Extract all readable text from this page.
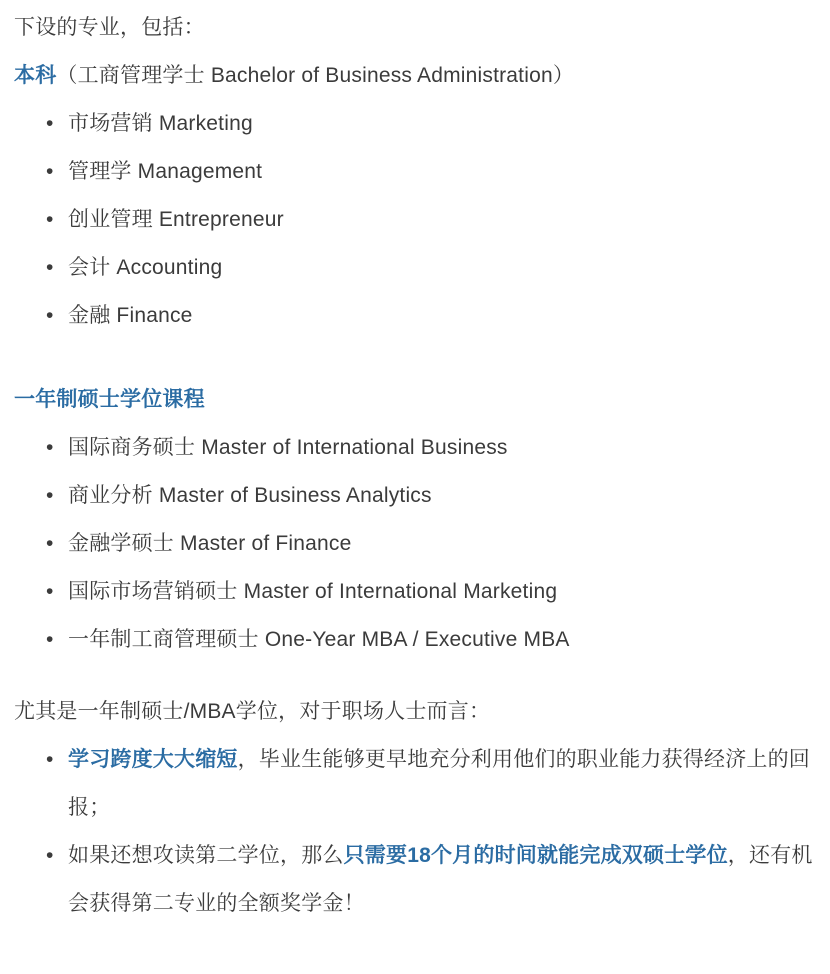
下设的专业，包括：

本科（工商管理学士 Bachelor of Business Administration）

• 市场营销 Marketing
• 管理学 Management
• 创业管理 Entrepreneur
• 会计 Accounting
• 金融 Finance

一年制硕士学位课程

• 国际商务硕士 Master of International Business
• 商业分析 Master of Business Analytics
• 金融学硕士 Master of Finance
• 国际市场营销硕士 Master of International Marketing
• 一年制工商管理硕士 One-Year MBA / Executive MBA

尤其是一年制硕士/MBA学位，对于职场人士而言：

• 学习跨度大大缩短，毕业生能够更早地充分利用他们的职业能力获得经济上的回报；
• 如果还想攻读第二学位，那么只需要18个月的时间就能完成双硕士学位，还有机会获得第二专业的全额奖学金！
